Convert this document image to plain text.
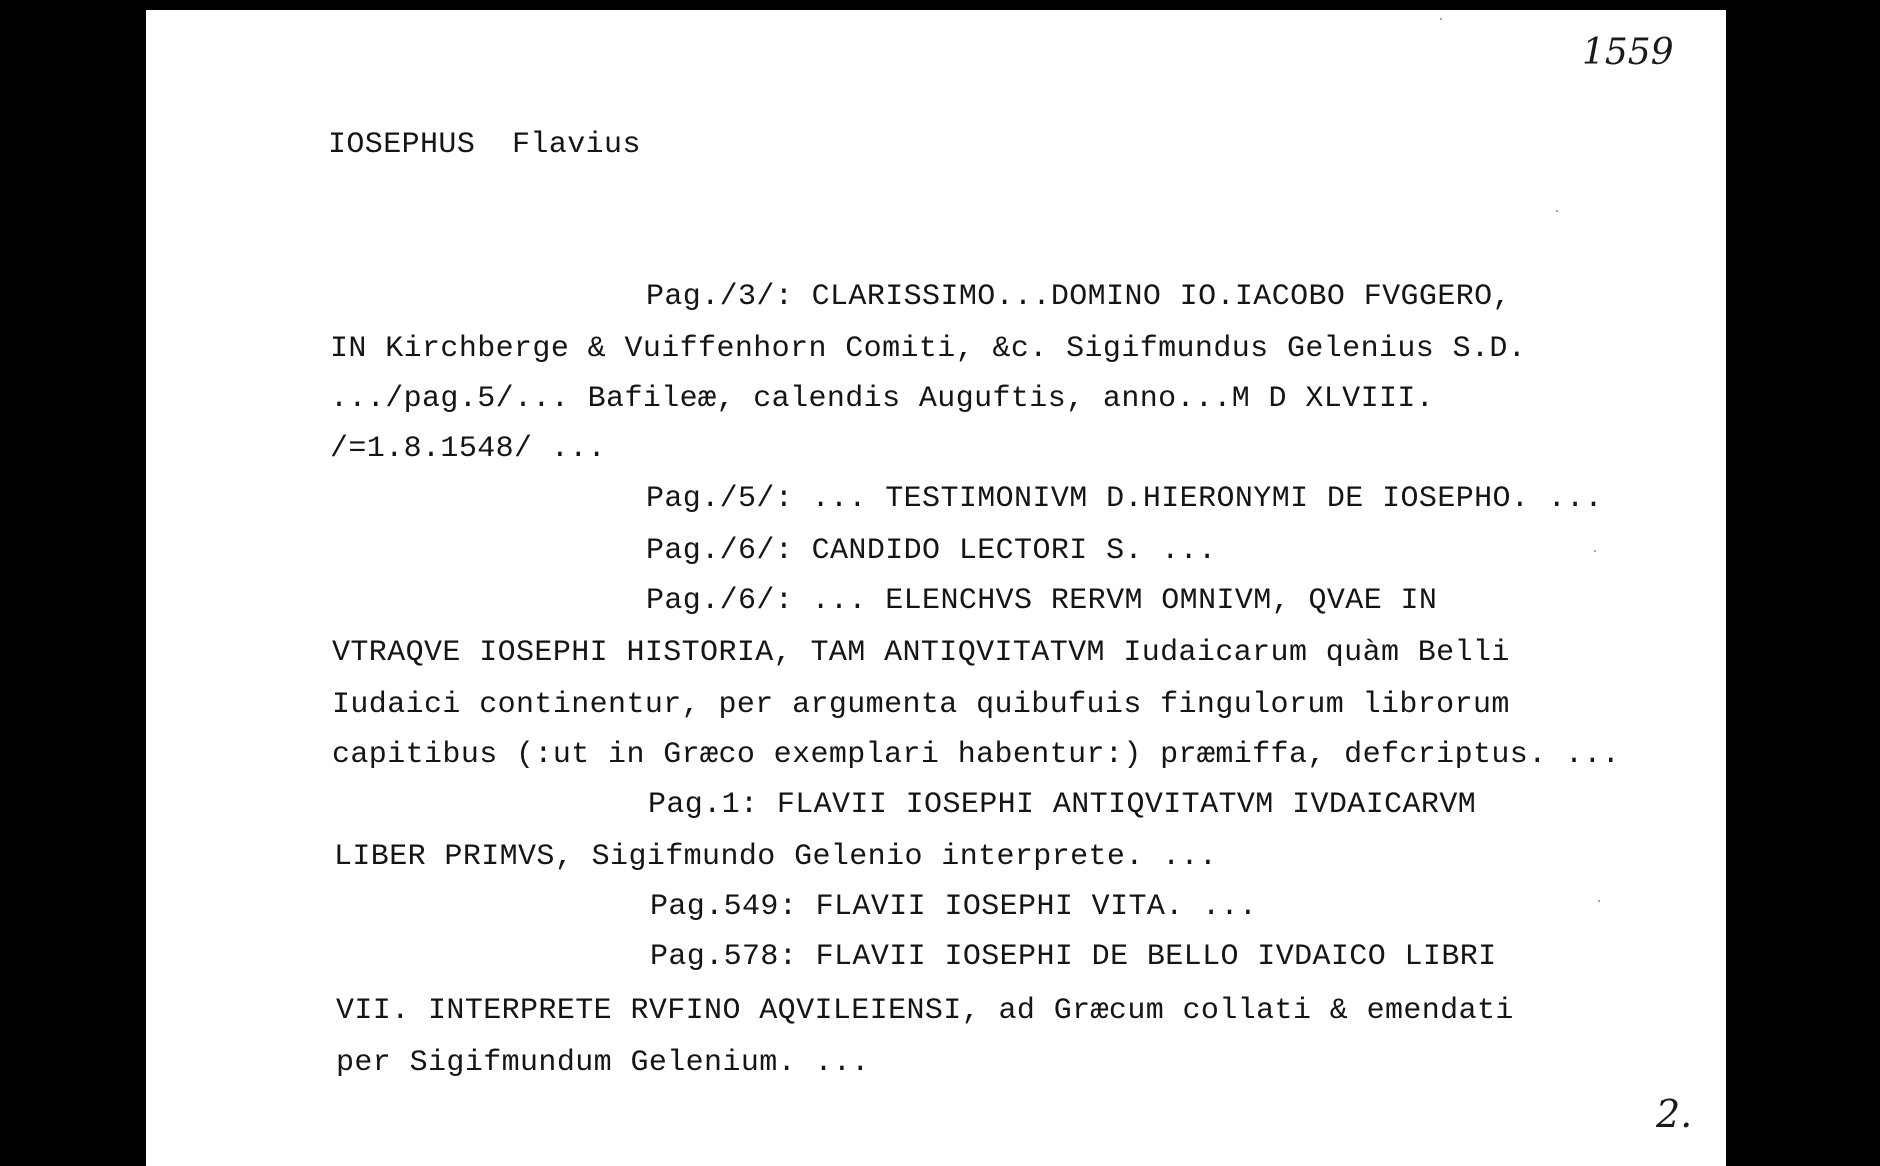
1559
IOSEPHUS  Flavius
Pag./3/: CLARISSIMO...DOMINO IO.IACOBO FVGGERO,
IN Kirchberge & Vuiffenhorn Comiti, &c. Sigifmundus Gelenius S.D.
.../pag.5/... Bafileæ, calendis Auguftis, anno...M D XLVIII.
/=1.8.1548/ ...
Pag./5/: ... TESTIMONIVM D.HIERONYMI DE IOSEPHO. ...
Pag./6/: CANDIDO LECTORI S. ...
Pag./6/: ... ELENCHVS RERVM OMNIVM, QVAE IN
VTRAQVE IOSEPHI HISTORIA, TAM ANTIQVITATVM Iudaicarum quàm Belli
Iudaici continentur, per argumenta quibufuis fingulorum librorum
capitibus (:ut in Græco exemplari habentur:) præmiffa, defcriptus. ...
Pag.1: FLAVII IOSEPHI ANTIQVITATVM IVDAICARVM
LIBER PRIMVS, Sigifmundo Gelenio interprete. ...
Pag.549: FLAVII IOSEPHI VITA. ...
Pag.578: FLAVII IOSEPHI DE BELLO IVDAICO LIBRI
VII. INTERPRETE RVFINO AQVILEIENSI, ad Græcum collati & emendati
per Sigifmundum Gelenium. ...
2.
